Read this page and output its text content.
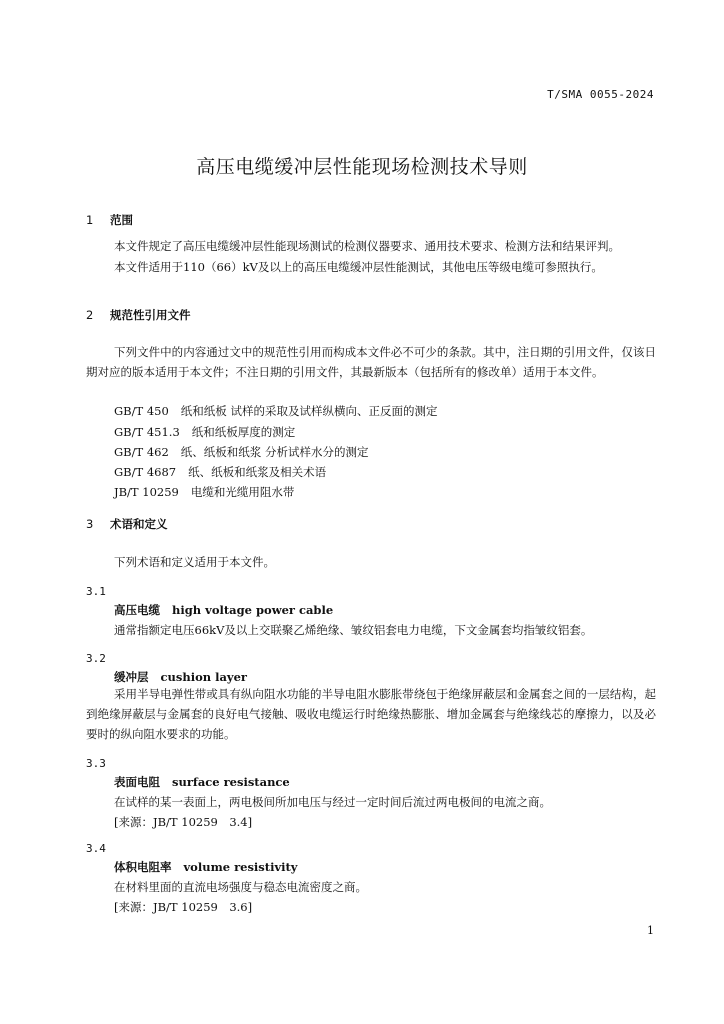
T/SMA 0055-2024
高压电缆缓冲层性能现场检测技术导则
1 范围
本文件规定了高压电缆缓冲层性能现场测试的检测仪器要求、通用技术要求、检测方法和结果评判。
本文件适用于110（66）kV及以上的高压电缆缓冲层性能测试，其他电压等级电缆可参照执行。
2 规范性引用文件
下列文件中的内容通过文中的规范性引用而构成本文件必不可少的条款。其中，注日期的引用文件，仅该日期对应的版本适用于本文件；不注日期的引用文件，其最新版本（包括所有的修改单）适用于本文件。
GB/T 450 纸和纸板 试样的采取及试样纵横向、正反面的测定
GB/T 451.3 纸和纸板厚度的测定
GB/T 462 纸、纸板和纸浆 分析试样水分的测定
GB/T 4687 纸、纸板和纸浆及相关术语
JB/T 10259 电缆和光缆用阻水带
3 术语和定义
下列术语和定义适用于本文件。
3.1
高压电缆 high voltage power cable
通常指额定电压66kV及以上交联聚乙烯绝缘、皱纹铝套电力电缆，下文金属套均指皱纹铝套。
3.2
缓冲层 cushion layer
采用半导电弹性带或具有纵向阻水功能的半导电阻水膨胀带绕包于绝缘屏蔽层和金属套之间的一层结构，起到绝缘屏蔽层与金属套的良好电气接触、吸收电缆运行时绝缘热膨胀、增加金属套与绝缘线芯的摩擦力，以及必要时的纵向阻水要求的功能。
3.3
表面电阻 surface resistance
在试样的某一表面上，两电极间所加电压与经过一定时间后流过两电极间的电流之商。
[来源：JB/T 10259　3.4]
3.4
体积电阻率 volume resistivity
在材料里面的直流电场强度与稳态电流密度之商。
[来源：JB/T 10259　3.6]
1
